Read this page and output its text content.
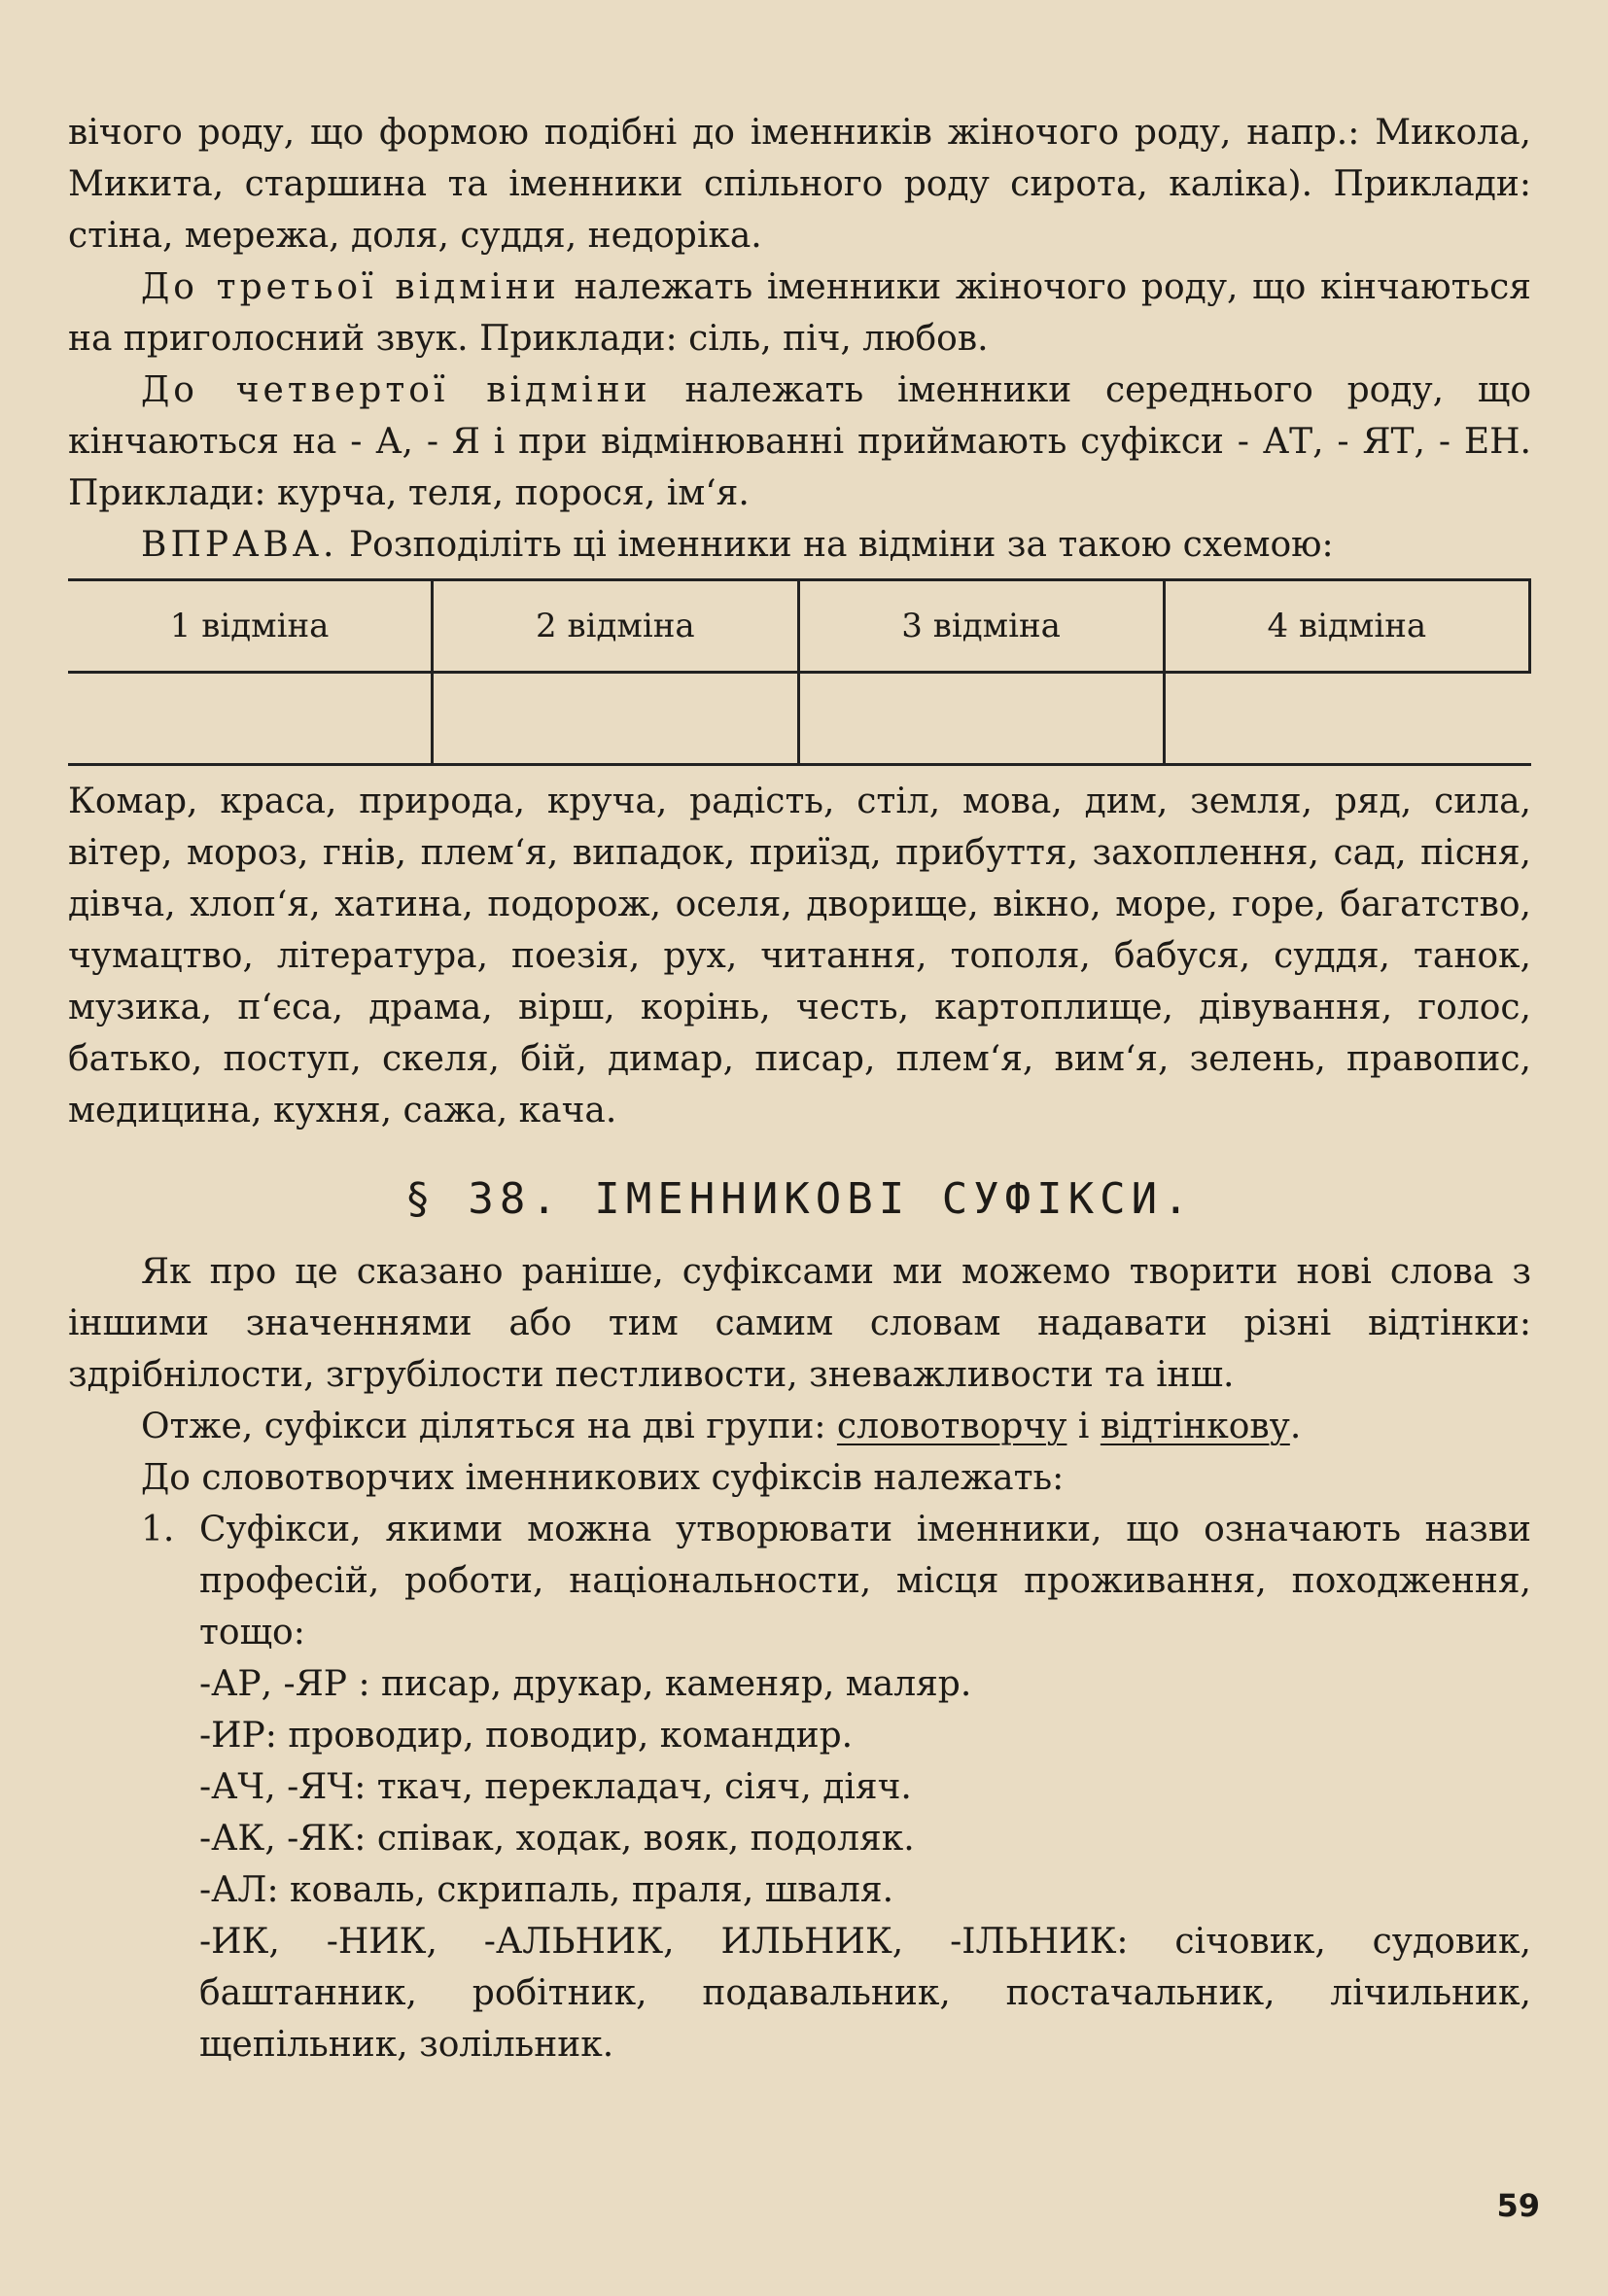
вічого роду, що формою подібні до іменників жіночого роду, напр.: Микола, Микита, старшина та іменники спільного роду сирота, каліка). Приклади: стіна, мережа, доля, суддя, недоріка.

До третьої відміни належать іменники жіночого роду, що кінчаються на приголосний звук. Приклади: сіль, піч, любов.

До четвертої відміни належать іменники середнього роду, що кінчаються на - А, - Я і при відмінюванні приймають суфікси - АТ, - ЯТ, - ЕН. Приклади: курча, теля, порося, ім‘я.

ВПРАВА. Розподіліть ці іменники на відміни за такою схемою:

1 відміна	2 відміна	3 відміна	4 відміна

Комар, краса, природа, круча, радість, стіл, мова, дим, земля, ряд, сила, вітер, мороз, гнів, плем‘я, випадок, приїзд, прибуття, захоплення, сад, пісня, дівча, хлоп‘я, хатина, подорож, оселя, дворище, вікно, море, горе, багатство, чумацтво, література, поезія, рух, читання, тополя, бабуся, суддя, танок, музика, п‘єса, драма, вірш, корінь, честь, картоплище, дівування, голос, батько, поступ, скеля, бій, димар, писар, плем‘я, вим‘я, зелень, правопис, медицина, кухня, сажа, кача.

§ 38. ІМЕННИКОВІ СУФІКСИ.

Як про це сказано раніше, суфіксами ми можемо творити нові слова з іншими значеннями або тим самим словам надавати різні відтінки: здрібнілости, згрубілости пестливости, зневажливости та інш.

Отже, суфікси діляться на дві групи: словотворчу і відтінкову.

До словотворчих іменникових суфіксів належать:

1. Суфікси, якими можна утворювати іменники, що означають назви професій, роботи, національности, місця проживання, походження, тощо:

-АР, -ЯР : писар, друкар, каменяр, маляр.

-ИР: проводир, поводир, командир.

-АЧ, -ЯЧ: ткач, перекладач, сіяч, діяч.

-АК, -ЯК: співак, ходак, вояк, подоляк.

-АЛ: коваль, скрипаль, праля, шваля.

-ИК, -НИК, -АЛЬНИК, ИЛЬНИК, -ІЛЬНИК: січовик, судовик, баштанник, робітник, подавальник, постачальник, лічильник, щепільник, золільник.

59
